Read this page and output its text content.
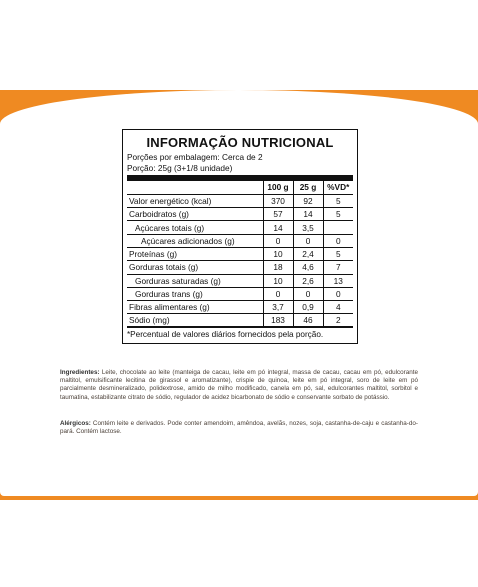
INFORMAÇÃO NUTRICIONAL
Porções por embalagem: Cerca de 2
Porção: 25g (3+1/8 unidade)
	100 g	25 g	%VD*
Valor energético (kcal)	370	92	5
Carboidratos (g)	57	14	5
Açúcares totais (g)	14	3,5	
Açúcares adicionados (g)	0	0	0
Proteínas (g)	10	2,4	5
Gorduras totais (g)	18	4,6	7
Gorduras saturadas (g)	10	2,6	13
Gorduras trans (g)	0	0	0
Fibras alimentares (g)	3,7	0,9	4
Sódio (mg)	183	46	2
*Percentual de valores diários fornecidos pela porção.
Ingredientes: Leite, chocolate ao leite (manteiga de cacau, leite em pó integral, massa de cacau, cacau em pó, edulcorante maltitol, emulsificante lecitina de girassol e aromatizante), crispie de quinoa, leite em pó integral, soro de leite em pó parcialmente desmineralizado, polidextrose, amido de milho modificado, canela em pó, sal, edulcorantes maltitol, sorbitol e taumatina, estabilizante citrato de sódio, regulador de acidez bicarbonato de sódio e conservante sorbato de potássio.
Alérgicos: Contém leite e derivados. Pode conter amendoim, amêndoa, avelãs, nozes, soja, castanha-de-caju e castanha-do-pará. Contém lactose.
